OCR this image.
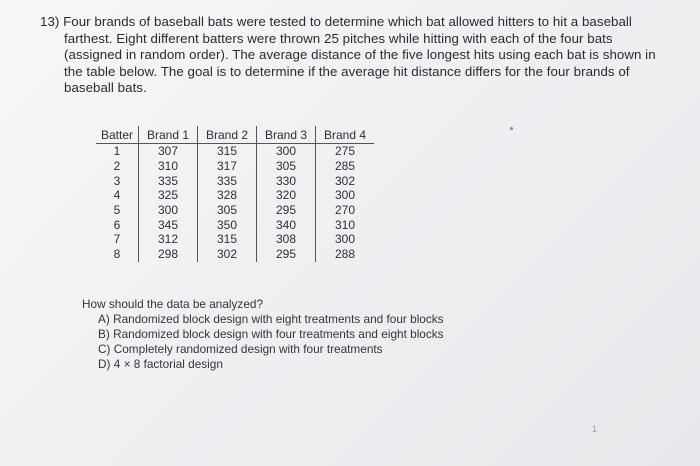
13) Four brands of baseball bats were tested to determine which bat allowed hitters to hit a baseball
farthest. Eight different batters were thrown 25 pitches while hitting with each of the four bats
(assigned in random order). The average distance of the five longest hits using each bat is shown in
the table below. The goal is to determine if the average hit distance differs for the four brands of
baseball bats.
Batter	Brand 1	Brand 2	Brand 3	Brand 4
1	307	315	300	275
2	310	317	305	285
3	335	335	330	302
4	325	328	320	300
5	300	305	295	270
6	345	350	340	310
7	312	315	308	300
8	298	302	295	288
How should the data be analyzed?
A) Randomized block design with eight treatments and four blocks
B) Randomized block design with four treatments and eight blocks
C) Completely randomized design with four treatments
D) 4 × 8 factorial design
1
